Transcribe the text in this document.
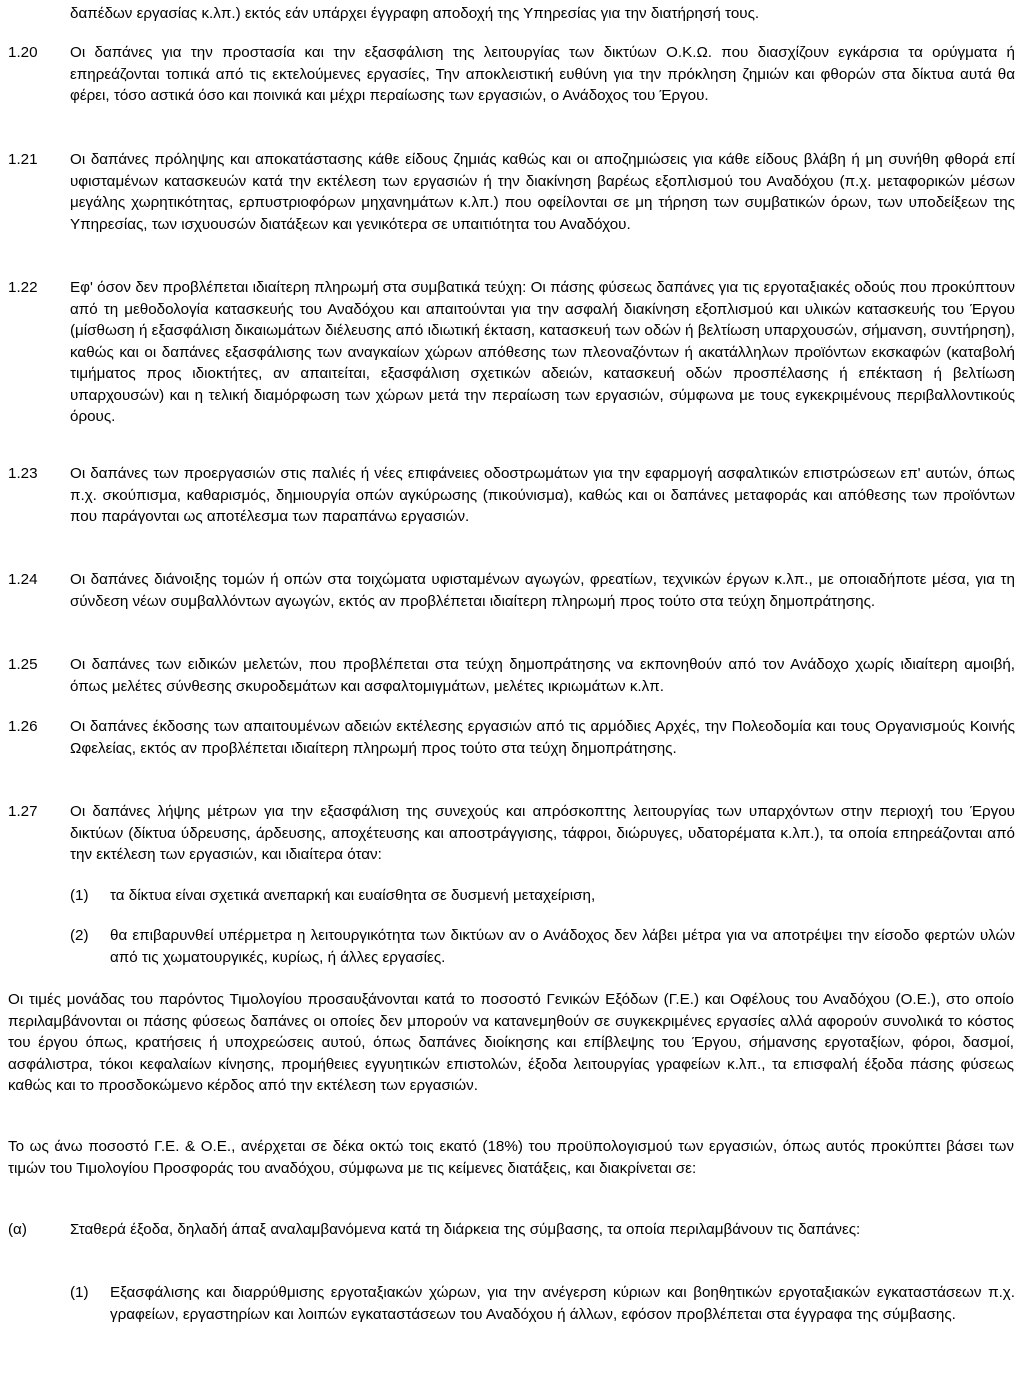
δαπέδων εργασίας κ.λπ.) εκτός εάν υπάρχει έγγραφη αποδοχή της Υπηρεσίας για την διατήρησή τους.

1.20 Οι δαπάνες για την προστασία και την εξασφάλιση της λειτουργίας των δικτύων Ο.Κ.Ω. που διασχίζουν εγκάρσια τα ορύγματα ή επηρεάζονται τοπικά από τις εκτελούμενες εργασίες, Την αποκλειστική ευθύνη για την πρόκληση ζημιών και φθορών στα δίκτυα αυτά θα φέρει, τόσο αστικά όσο και ποινικά και μέχρι περαίωσης των εργασιών, ο Ανάδοχος του Έργου.

1.21 Οι δαπάνες πρόληψης και αποκατάστασης κάθε είδους ζημιάς καθώς και οι αποζημιώσεις για κάθε είδους βλάβη ή μη συνήθη φθορά επί υφισταμένων κατασκευών κατά την εκτέλεση των εργασιών ή την διακίνηση βαρέως εξοπλισμού του Αναδόχου (π.χ. μεταφορικών μέσων μεγάλης χωρητικότητας, ερπυστριοφόρων μηχανημάτων κ.λπ.) που οφείλονται σε μη τήρηση των συμβατικών όρων, των υποδείξεων της Υπηρεσίας, των ισχυουσών διατάξεων και γενικότερα σε υπαιτιότητα του Αναδόχου.

1.22 Εφ' όσον δεν προβλέπεται ιδιαίτερη πληρωμή στα συμβατικά τεύχη: Οι πάσης φύσεως δαπάνες για τις εργοταξιακές οδούς που προκύπτουν από τη μεθοδολογία κατασκευής του Αναδόχου και απαιτούνται για την ασφαλή διακίνηση εξοπλισμού και υλικών κατασκευής του Έργου (μίσθωση ή εξασφάλιση δικαιωμάτων διέλευσης από ιδιωτική έκταση, κατασκευή των οδών ή βελτίωση υπαρχουσών, σήμανση, συντήρηση), καθώς και οι δαπάνες εξασφάλισης των αναγκαίων χώρων απόθεσης των πλεοναζόντων ή ακατάλληλων προϊόντων εκσκαφών (καταβολή τιμήματος προς ιδιοκτήτες, αν απαιτείται, εξασφάλιση σχετικών αδειών, κατασκευή οδών προσπέλασης ή επέκταση ή βελτίωση υπαρχουσών) και η τελική διαμόρφωση των χώρων μετά την περαίωση των εργασιών, σύμφωνα με τους εγκεκριμένους περιβαλλοντικούς όρους.

1.23 Οι δαπάνες των προεργασιών στις παλιές ή νέες επιφάνειες οδοστρωμάτων για την εφαρμογή ασφαλτικών επιστρώσεων επ' αυτών, όπως π.χ. σκούπισμα, καθαρισμός, δημιουργία οπών αγκύρωσης (πικούνισμα), καθώς και οι δαπάνες μεταφοράς και απόθεσης των προϊόντων που παράγονται ως αποτέλεσμα των παραπάνω εργασιών.

1.24 Οι δαπάνες διάνοιξης τομών ή οπών στα τοιχώματα υφισταμένων αγωγών, φρεατίων, τεχνικών έργων κ.λπ., με οποιαδήποτε μέσα, για τη σύνδεση νέων συμβαλλόντων αγωγών, εκτός αν προβλέπεται ιδιαίτερη πληρωμή προς τούτο στα τεύχη δημοπράτησης.

1.25 Οι δαπάνες των ειδικών μελετών, που προβλέπεται στα τεύχη δημοπράτησης να εκπονηθούν από τον Ανάδοχο χωρίς ιδιαίτερη αμοιβή, όπως μελέτες σύνθεσης σκυροδεμάτων και ασφαλτομιγμάτων, μελέτες ικριωμάτων κ.λπ.

1.26 Οι δαπάνες έκδοσης των απαιτουμένων αδειών εκτέλεσης εργασιών από τις αρμόδιες Αρχές, την Πολεοδομία και τους Οργανισμούς Κοινής Ωφελείας, εκτός αν προβλέπεται ιδιαίτερη πληρωμή προς τούτο στα τεύχη δημοπράτησης.

1.27 Οι δαπάνες λήψης μέτρων για την εξασφάλιση της συνεχούς και απρόσκοπτης λειτουργίας των υπαρχόντων στην περιοχή του Έργου δικτύων (δίκτυα ύδρευσης, άρδευσης, αποχέτευσης και αποστράγγισης, τάφροι, διώρυγες, υδατορέματα κ.λπ.), τα οποία επηρεάζονται από την εκτέλεση των εργασιών, και ιδιαίτερα όταν:

(1) τα δίκτυα είναι σχετικά ανεπαρκή και ευαίσθητα σε δυσμενή μεταχείριση,

(2) θα επιβαρυνθεί υπέρμετρα η λειτουργικότητα των δικτύων αν ο Ανάδοχος δεν λάβει μέτρα για να αποτρέψει την είσοδο φερτών υλών από τις χωματουργικές, κυρίως, ή άλλες εργασίες.

Οι τιμές μονάδας του παρόντος Τιμολογίου προσαυξάνονται κατά το ποσοστό Γενικών Εξόδων (Γ.Ε.) και Οφέλους του Αναδόχου (Ο.Ε.), στο οποίο περιλαμβάνονται οι πάσης φύσεως δαπάνες οι οποίες δεν μπορούν να κατανεμηθούν σε συγκεκριμένες εργασίες αλλά αφορούν συνολικά το κόστος του έργου όπως, κρατήσεις ή υποχρεώσεις αυτού, όπως δαπάνες διοίκησης και επίβλεψης του Έργου, σήμανσης εργοταξίων, φόροι, δασμοί, ασφάλιστρα, τόκοι κεφαλαίων κίνησης, προμήθειες εγγυητικών επιστολών, έξοδα λειτουργίας γραφείων κ.λπ., τα επισφαλή έξοδα πάσης φύσεως καθώς και το προσδοκώμενο κέρδος από την εκτέλεση των εργασιών.

Το ως άνω ποσοστό Γ.Ε. & Ο.Ε., ανέρχεται σε δέκα οκτώ τοις εκατό (18%) του προϋπολογισμού των εργασιών, όπως αυτός προκύπτει βάσει των τιμών του Τιμολογίου Προσφοράς του αναδόχου, σύμφωνα με τις κείμενες διατάξεις, και διακρίνεται σε:

(α)	Σταθερά έξοδα, δηλαδή άπαξ αναλαμβανόμενα κατά τη διάρκεια της σύμβασης, τα οποία περιλαμβάνουν τις δαπάνες:

(1) Εξασφάλισης και διαρρύθμισης εργοταξιακών χώρων, για την ανέγερση κύριων και βοηθητικών εργοταξιακών εγκαταστάσεων π.χ. γραφείων, εργαστηρίων και λοιπών εγκαταστάσεων του Αναδόχου ή άλλων, εφόσον προβλέπεται στα έγγραφα της σύμβασης.
